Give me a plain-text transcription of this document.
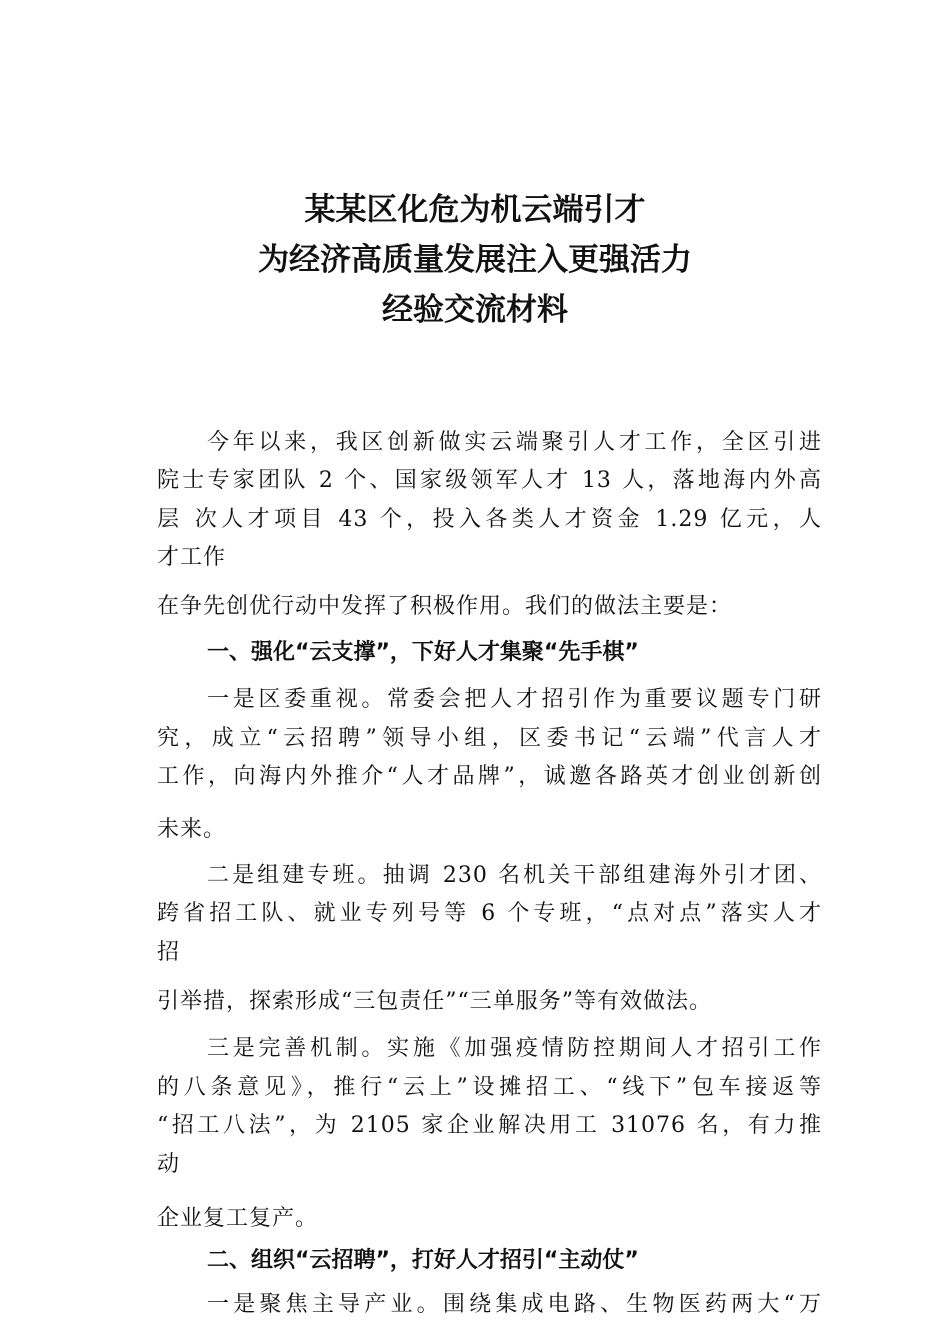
某某区化危为机云端引才
为经济高质量发展注入更强活力
经验交流材料
今年以来，我区创新做实云端聚引人才工作，全区引进
院士专家团队 2 个、国家级领军人才 13 人，落地海内外高
层 次人才项目 43 个，投入各类人才资金 1.29 亿元，人
才工作
在争先创优行动中发挥了积极作用。我们的做法主要是：
一、强化“云支撑”，下好人才集聚“先手棋”
一是区委重视。常委会把人才招引作为重要议题专门研
究，成立“云招聘”领导小组，区委书记“云端”代言人才
工作，向海内外推介“人才品牌”，诚邀各路英才创业创新创
未来。
二是组建专班。抽调 230 名机关干部组建海外引才团、
跨省招工队、就业专列号等 6 个专班，“点对点”落实人才
招
引举措，探索形成“三包责任”“三单服务”等有效做法。
三是完善机制。实施《加强疫情防控期间人才招引工作
的八条意见》，推行“云上”设摊招工、“线下”包车接返等
“招工八法”，为 2105 家企业解决用工 31076 名，有力推
动
企业复工复产。
二、组织“云招聘”，打好人才招引“主动仗”
一是聚焦主导产业。围绕集成电路、生物医药两大“万
